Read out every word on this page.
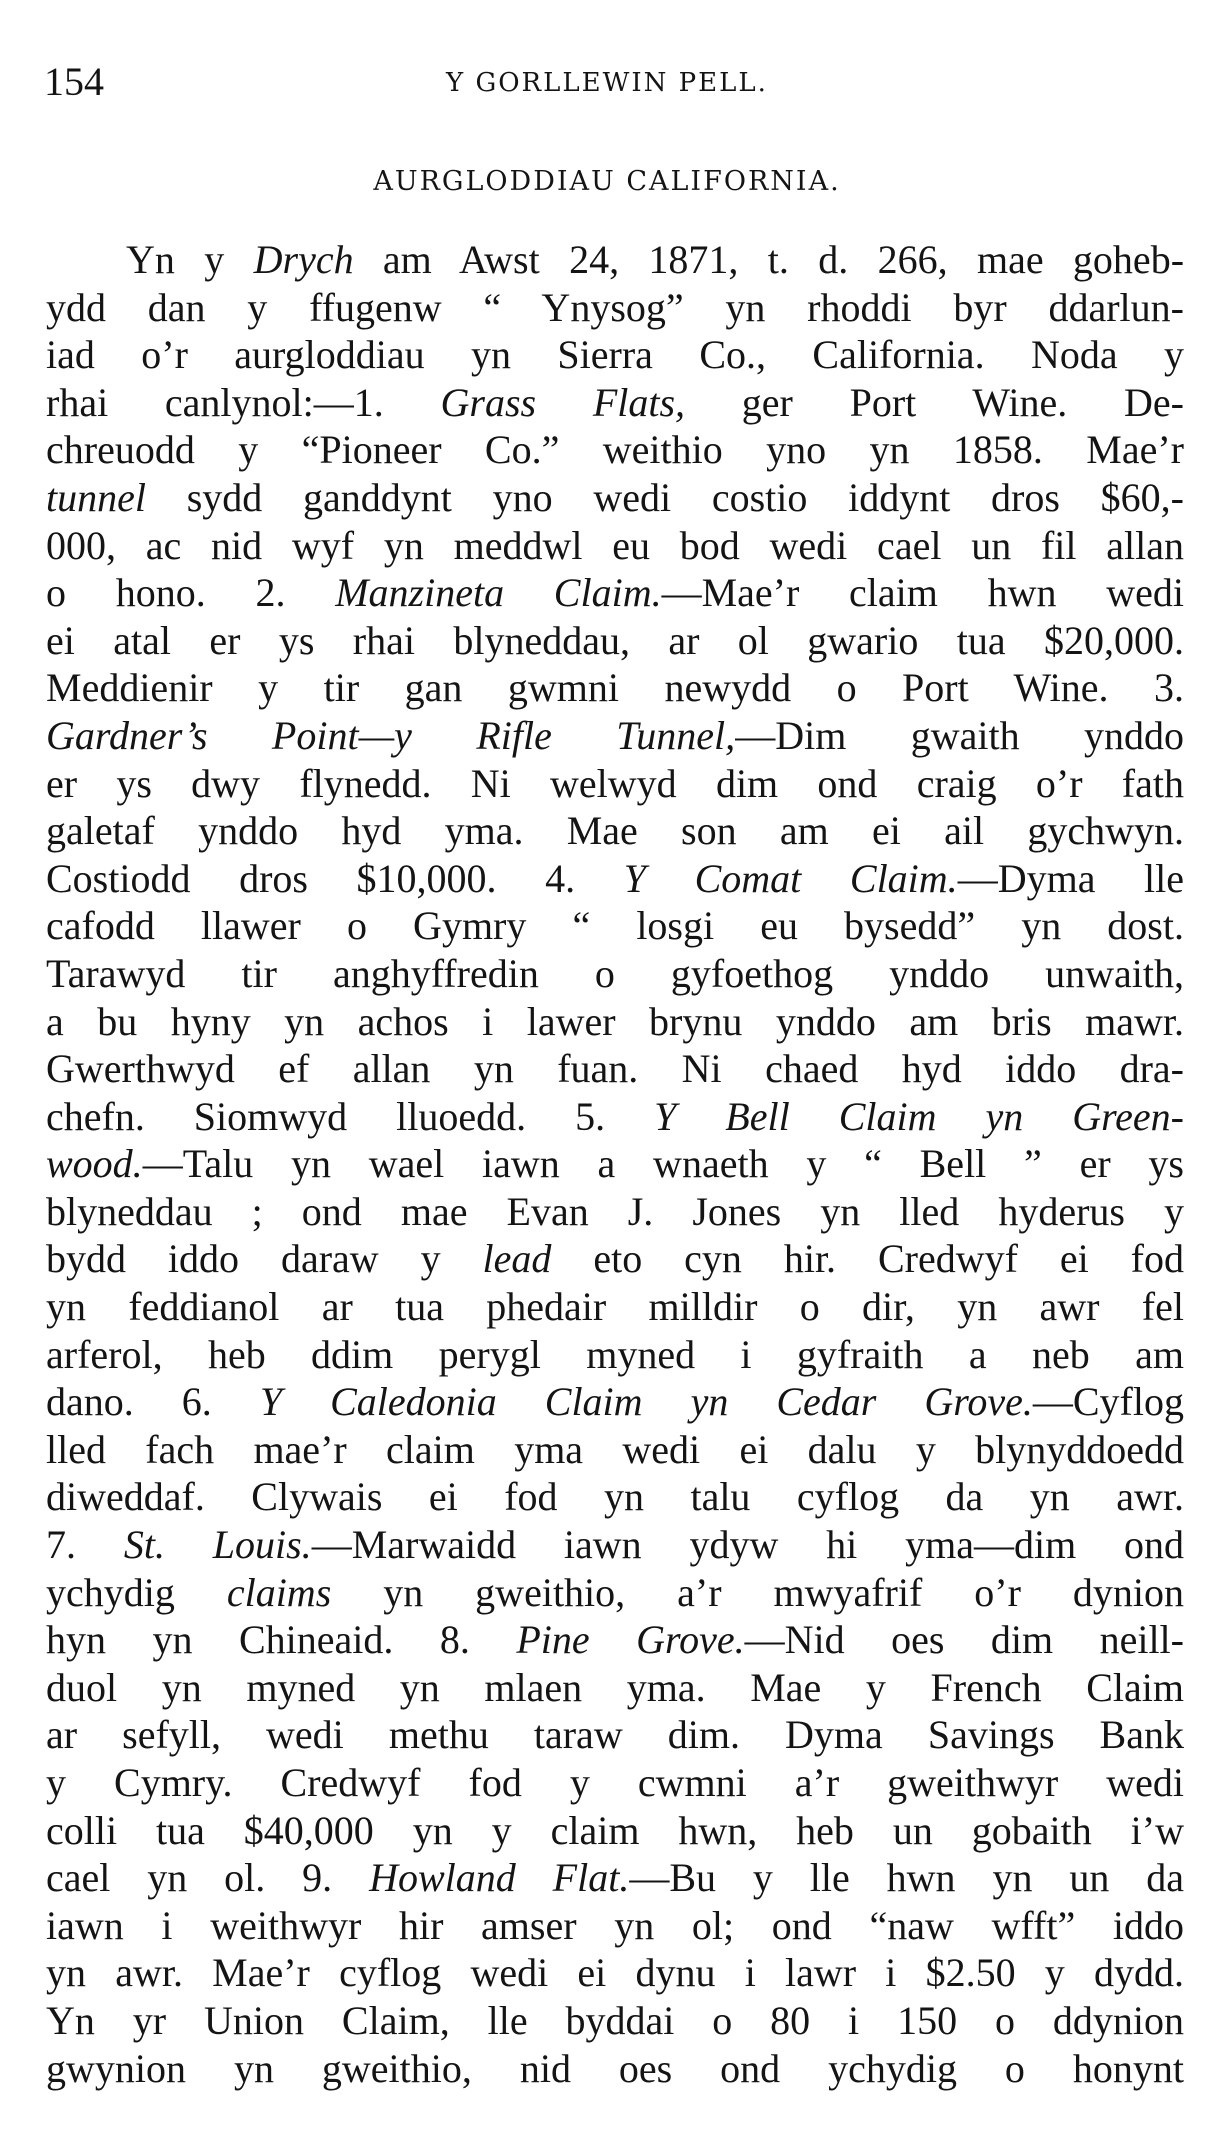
154	Y GORLLEWIN PELL.
AURGLODDIAU CALIFORNIA.
Yn y Drych am Awst 24, 1871, t. d. 266, mae goheb-
ydd dan y ffugenw “ Ynysog” yn rhoddi byr ddarlun-
iad o’r aurgloddiau yn Sierra Co., California. Noda y
rhai canlynol:—1. Grass Flats, ger Port Wine. De-
chreuodd y “Pioneer Co.” weithio yno yn 1858. Mae’r
tunnel sydd ganddynt yno wedi costio iddynt dros $60,-
000, ac nid wyf yn meddwl eu bod wedi cael un fil allan
o hono. 2. Manzineta Claim.—Mae’r claim hwn wedi
ei atal er ys rhai blyneddau, ar ol gwario tua $20,000.
Meddienir y tir gan gwmni newydd o Port Wine. 3.
Gardner’s Point—y Rifle Tunnel,—Dim gwaith ynddo
er ys dwy flynedd. Ni welwyd dim ond craig o’r fath
galetaf ynddo hyd yma. Mae son am ei ail gychwyn.
Costiodd dros $10,000. 4. Y Comat Claim.—Dyma lle
cafodd llawer o Gymry “ losgi eu bysedd” yn dost.
Tarawyd tir anghyffredin o gyfoethog ynddo unwaith,
a bu hyny yn achos i lawer brynu ynddo am bris mawr.
Gwerthwyd ef allan yn fuan. Ni chaed hyd iddo dra-
chefn. Siomwyd lluoedd. 5. Y Bell Claim yn Green-
wood.—Talu yn wael iawn a wnaeth y “ Bell ” er ys
blyneddau ; ond mae Evan J. Jones yn lled hyderus y
bydd iddo daraw y lead eto cyn hir. Credwyf ei fod
yn feddianol ar tua phedair milldir o dir, yn awr fel
arferol, heb ddim perygl myned i gyfraith a neb am
dano. 6. Y Caledonia Claim yn Cedar Grove.—Cyflog
lled fach mae’r claim yma wedi ei dalu y blynyddoedd
diweddaf. Clywais ei fod yn talu cyflog da yn awr.
7. St. Louis.—Marwaidd iawn ydyw hi yma—dim ond
ychydig claims yn gweithio, a’r mwyafrif o’r dynion
hyn yn Chineaid. 8. Pine Grove.—Nid oes dim neill-
duol yn myned yn mlaen yma. Mae y French Claim
ar sefyll, wedi methu taraw dim. Dyma Savings Bank
y Cymry. Credwyf fod y cwmni a’r gweithwyr wedi
colli tua $40,000 yn y claim hwn, heb un gobaith i’w
cael yn ol. 9. Howland Flat.—Bu y lle hwn yn un da
iawn i weithwyr hir amser yn ol; ond “naw wfft” iddo
yn awr. Mae’r cyflog wedi ei dynu i lawr i $2.50 y dydd.
Yn yr Union Claim, lle byddai o 80 i 150 o ddynion
gwynion yn gweithio, nid oes ond ychydig o honynt
